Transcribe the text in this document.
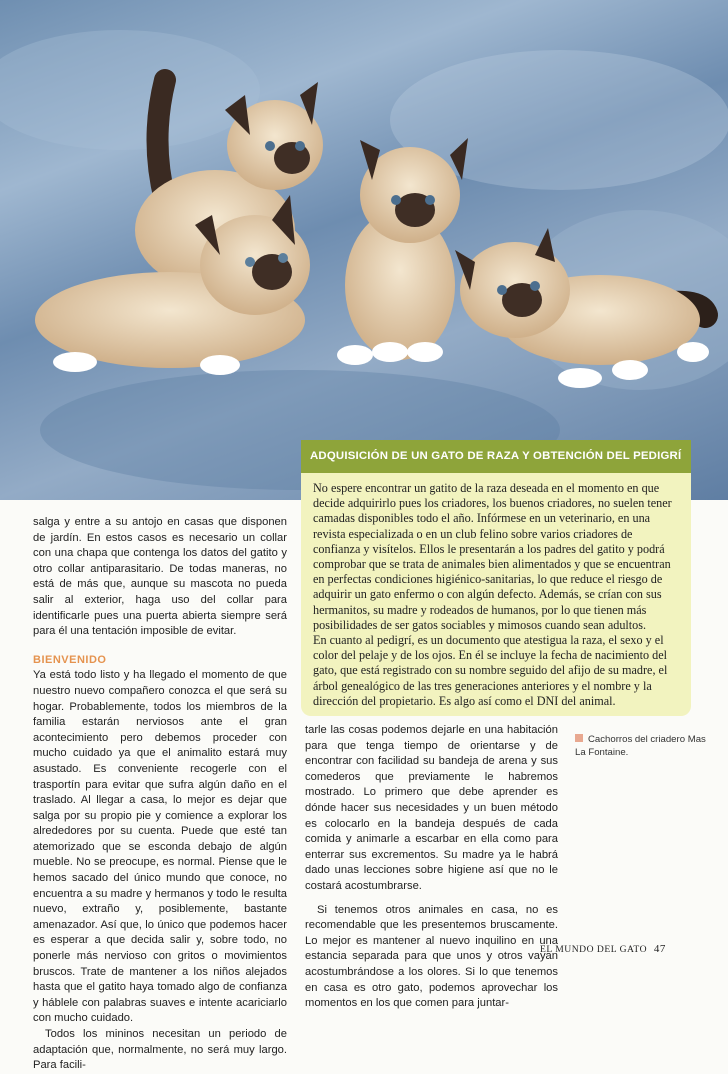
ADQUISICIÓN DE UN GATO DE RAZA Y OBTENCIÓN DEL PEDIGRÍ

No espere encontrar un gatito de la raza deseada en el momento en que decide adquirirlo pues los criadores, los buenos criadores, no suelen tener camadas disponibles todo el año. Infórmese en un veterinario, en una revista especializada o en un club felino sobre varios criadores de confianza y visítelos. Ellos le presentarán a los padres del gatito y podrá comprobar que se trata de animales bien alimentados y que se encuentran en perfectas condiciones higiénico-sanitarias, lo que reduce el riesgo de adquirir un gato enfermo o con algún defecto. Además, se crían con sus hermanitos, su madre y rodeados de humanos, por lo que tienen más posibilidades de ser gatos sociables y mimosos cuando sean adultos.

En cuanto al pedigrí, es un documento que atestigua la raza, el sexo y el color del pelaje y de los ojos. En él se incluye la fecha de nacimiento del gato, que está registrado con su nombre seguido del afijo de su madre, el árbol genealógico de las tres generaciones anteriores y el nombre y la dirección del propietario. Es algo así como el DNI del animal.

salga y entre a su antojo en casas que disponen de jardín. En estos casos es necesario un collar con una chapa que contenga los datos del gatito y otro collar antiparasitario. De todas maneras, no está de más que, aunque su mascota no pueda salir al exterior, haga uso del collar para identificarle pues una puerta abierta siempre será para él una tentación imposible de evitar.

BIENVENIDO

Ya está todo listo y ha llegado el momento de que nuestro nuevo compañero conozca el que será su hogar. Probablemente, todos los miembros de la familia estarán nerviosos ante el gran acontecimiento pero debemos proceder con mucho cuidado ya que el animalito estará muy asustado. Es conveniente recogerle con el trasportín para evitar que sufra algún daño en el traslado. Al llegar a casa, lo mejor es dejar que salga por su propio pie y comience a explorar los alrededores por su cuenta. Puede que esté tan atemorizado que se esconda debajo de algún mueble. No se preocupe, es normal. Piense que le hemos sacado del único mundo que conoce, no encuentra a su madre y hermanos y todo le resulta nuevo, extraño y, posiblemente, bastante amenazador. Así que, lo único que podemos hacer es esperar a que decida salir y, sobre todo, no ponerle más nervioso con gritos o movimientos bruscos. Trate de mantener a los niños alejados hasta que el gatito haya tomado algo de confianza y háblele con palabras suaves e intente acariciarlo con mucho cuidado.

Todos los mininos necesitan un periodo de adaptación que, normalmente, no será muy largo. Para facili-

tarle las cosas podemos dejarle en una habitación para que tenga tiempo de orientarse y de encontrar con facilidad su bandeja de arena y sus comederos que previamente le habremos mostrado. Lo primero que debe aprender es dónde hacer sus necesidades y un buen método es colocarlo en la bandeja después de cada comida y animarle a escarbar en ella como para enterrar sus excrementos. Su madre ya le habrá dado unas lecciones sobre higiene así que no le costará acostumbrarse.

Si tenemos otros animales en casa, no es recomendable que les presentemos bruscamente. Lo mejor es mantener al nuevo inquilino en una estancia separada para que unos y otros vayan acostumbrándose a los olores. Si lo que tenemos en casa es otro gato, podemos aprovechar los momentos en los que comen para juntar-

Cachorros del criadero Mas La Fontaine.
EL MUNDO DEL GATO 47
